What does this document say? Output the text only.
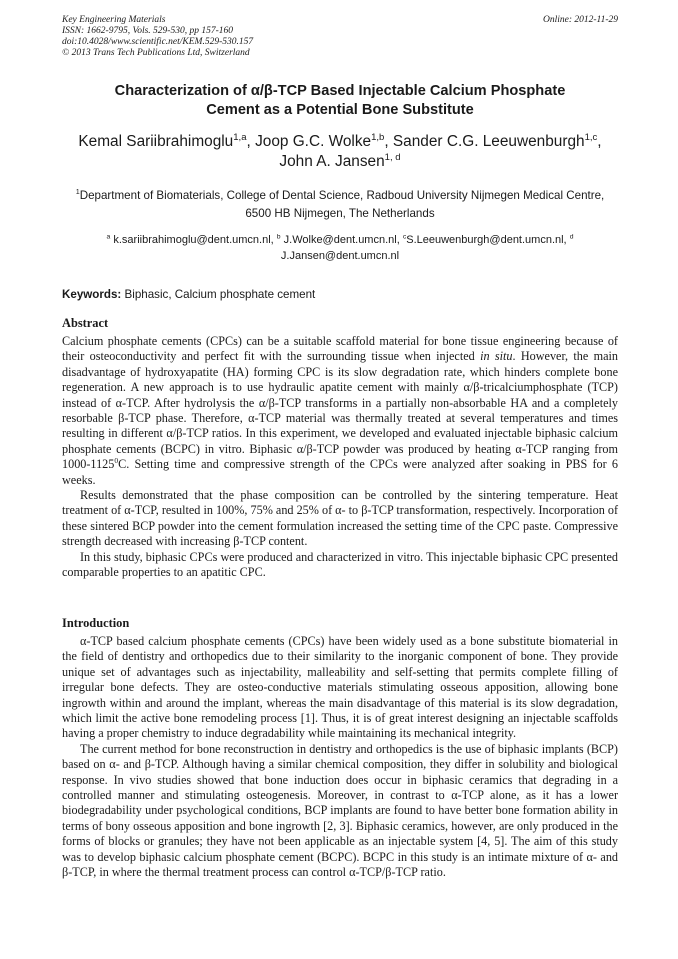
Key Engineering Materials
ISSN: 1662-9795, Vols. 529-530, pp 157-160
doi:10.4028/www.scientific.net/KEM.529-530.157
© 2013 Trans Tech Publications Ltd, Switzerland
Online: 2012-11-29
Characterization of α/β-TCP Based Injectable Calcium Phosphate
Cement as a Potential Bone Substitute
Kemal Sariibrahimoglu$^{1,a}$, Joop G.C. Wolke$^{1,b}$, Sander C.G. Leeuwenburgh$^{1,c}$,
John A. Jansen$^{1, d}$
$^1$Department of Biomaterials, College of Dental Science, Radboud University Nijmegen Medical Centre, 6500 HB Nijmegen, The Netherlands
$^a$ k.sariibrahimoglu@dent.umcn.nl, $^b$ J.Wolke@dent.umcn.nl, $^c$S.Leeuwenburgh@dent.umcn.nl, $^d$
J.Jansen@dent.umcn.nl
Keywords: Biphasic, Calcium phosphate cement
Abstract

Calcium phosphate cements (CPCs) can be a suitable scaffold material for bone tissue engineering because of their osteoconductivity and perfect fit with the surrounding tissue when injected in situ. However, the main disadvantage of hydroxyapatite (HA) forming CPC is its slow degradation rate, which hinders complete bone regeneration. A new approach is to use hydraulic apatite cement with mainly α/β-tricalciumphosphate (TCP) instead of α-TCP. After hydrolysis the α/β-TCP transforms in a partially non-absorbable HA and a completely resorbable β-TCP phase. Therefore, α-TCP material was thermally treated at several temperatures and times resulting in different α/β-TCP ratios. In this experiment, we developed and evaluated injectable biphasic calcium phosphate cements (BCPC) in vitro. Biphasic α/β-TCP powder was produced by heating α-TCP ranging from 1000-1125$^0$C. Setting time and compressive strength of the CPCs were analyzed after soaking in PBS for 6 weeks.

Results demonstrated that the phase composition can be controlled by the sintering temperature. Heat treatment of α-TCP, resulted in 100%, 75% and 25% of α- to β-TCP transformation, respectively. Incorporation of these sintered BCP powder into the cement formulation increased the setting time of the CPC paste. Compressive strength decreased with increasing β-TCP content.

In this study, biphasic CPCs were produced and characterized in vitro. This injectable biphasic CPC presented comparable properties to an apatitic CPC.

Introduction

α-TCP based calcium phosphate cements (CPCs) have been widely used as a bone substitute biomaterial in the field of dentistry and orthopedics due to their similarity to the inorganic component of bone. They provide unique set of advantages such as injectability, malleability and self-setting that permits complete filling of irregular bone defects. They are osteo-conductive materials stimulating osseous apposition, allowing bone ingrowth within and around the implant, whereas the main disadvantage of this material is its slow degradation, which limit the active bone remodeling process [1]. Thus, it is of great interest designing an injectable scaffolds having a proper chemistry to induce degradability while maintaining its mechanical integrity.

The current method for bone reconstruction in dentistry and orthopedics is the use of biphasic implants (BCP) based on α- and β-TCP. Although having a similar chemical composition, they differ in solubility and biological response. In vivo studies showed that bone induction does occur in biphasic ceramics that degrading in a controlled manner and stimulating osteogenesis. Moreover, in contrast to α-TCP alone, as it has a lower biodegradability under psychological conditions, BCP implants are found to have better bone formation ability in terms of bony osseous apposition and bone ingrowth [2, 3]. Biphasic ceramics, however, are only produced in the forms of blocks or granules; they have not been applicable as an injectable system [4, 5]. The aim of this study was to develop biphasic calcium phosphate cement (BCPC). BCPC in this study is an intimate mixture of α- and β-TCP, in where the thermal treatment process can control α-TCP/β-TCP ratio.
